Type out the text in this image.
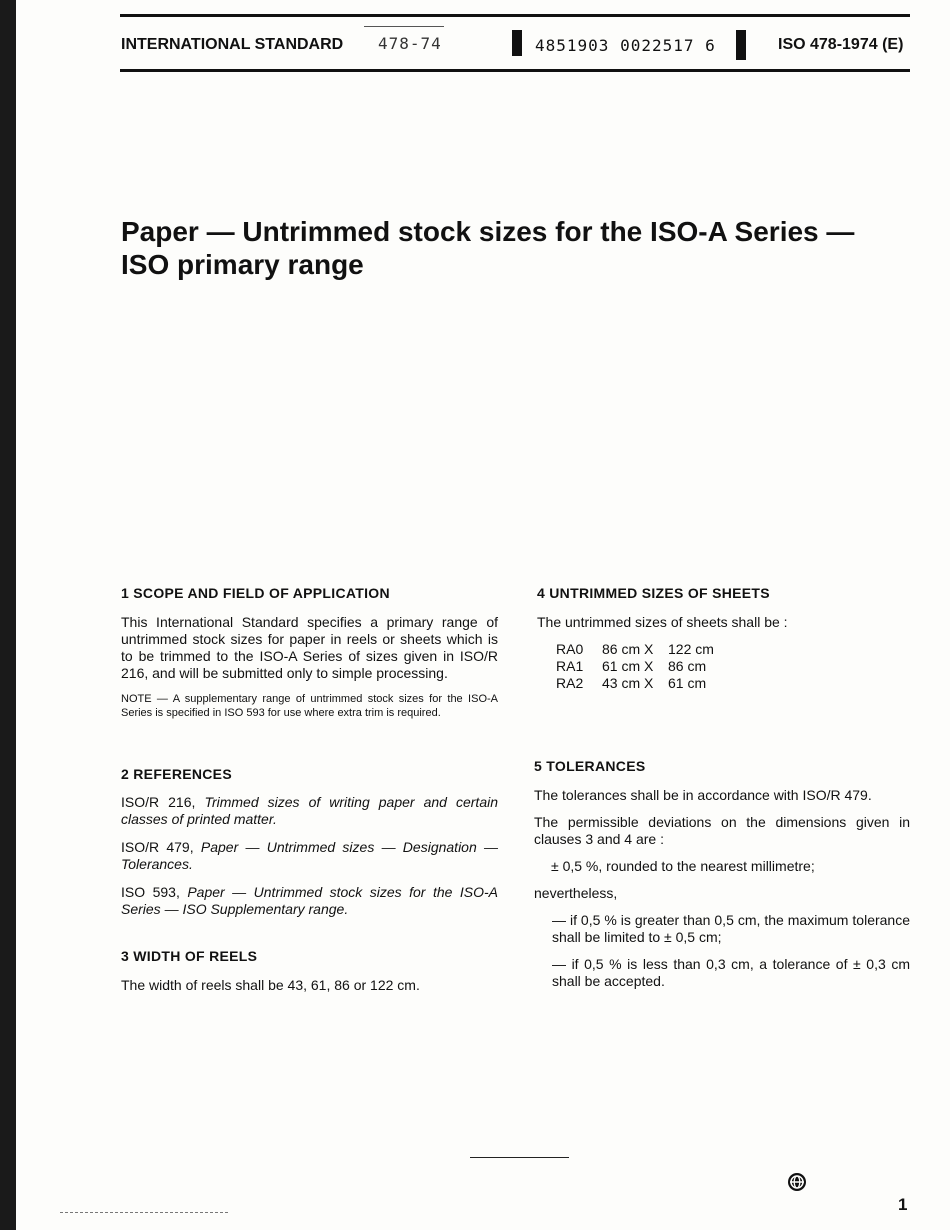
INTERNATIONAL STANDARD 478-74	4851903 0022517 6	ISO 478-1974 (E)
Paper — Untrimmed stock sizes for the ISO-A Series —
ISO primary range
1 SCOPE AND FIELD OF APPLICATION

This International Standard specifies a primary range of untrimmed stock sizes for paper in reels or sheets which is to be trimmed to the ISO-A Series of sizes given in ISO/R 216, and will be submitted only to simple processing.

NOTE — A supplementary range of untrimmed stock sizes for the ISO-A Series is specified in ISO 593 for use where extra trim is required.

2 REFERENCES

ISO/R 216, Trimmed sizes of writing paper and certain classes of printed matter.

ISO/R 479, Paper — Untrimmed sizes — Designation — Tolerances.

ISO 593, Paper — Untrimmed stock sizes for the ISO-A Series — ISO Supplementary range.

3 WIDTH OF REELS

The width of reels shall be 43, 61, 86 or 122 cm.

4 UNTRIMMED SIZES OF SHEETS

The untrimmed sizes of sheets shall be :

RA0 86 cm X 122 cm
RA1 61 cm X 86 cm
RA2 43 cm X 61 cm
5 TOLERANCES

The tolerances shall be in accordance with ISO/R 479.

The permissible deviations on the dimensions given in clauses 3 and 4 are :

± 0,5 %, rounded to the nearest millimetre;

nevertheless,

— if 0,5 % is greater than 0,5 cm, the maximum tolerance shall be limited to ± 0,5 cm;

— if 0,5 % is less than 0,3 cm, a tolerance of ± 0,3 cm shall be accepted.

1
